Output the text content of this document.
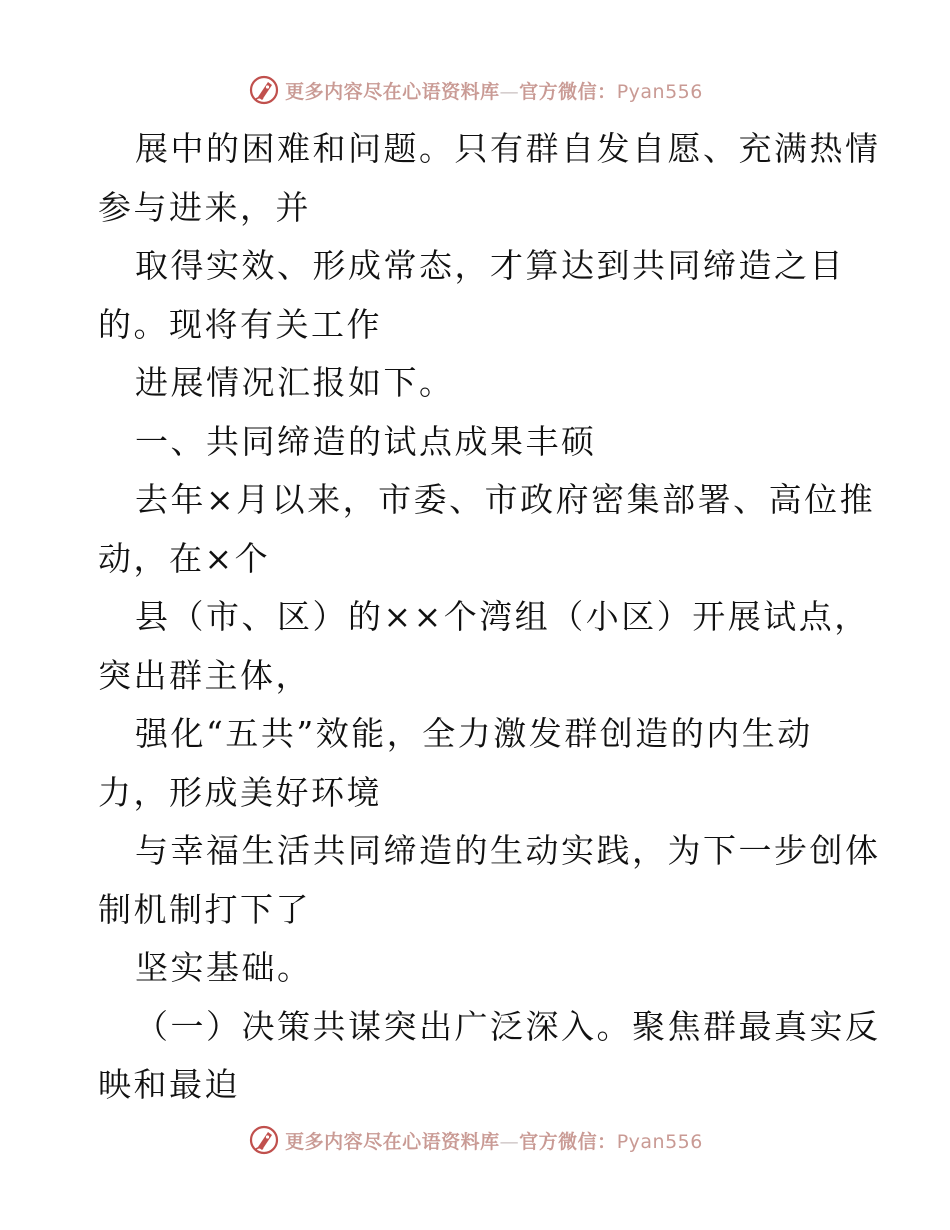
更多内容尽在心语资料库—官方微信：Pyan556
展中的困难和问题。只有群自发自愿、充满热情
参与进来，并
取得实效、形成常态，才算达到共同缔造之目
的。现将有关工作
进展情况汇报如下。
一、共同缔造的试点成果丰硕
去年×月以来，市委、市政府密集部署、高位推
动，在×个
县（市、区）的××个湾组（小区）开展试点，
突出群主体，
强化“五共”效能，全力激发群创造的内生动
力，形成美好环境
与幸福生活共同缔造的生动实践，为下一步创体
制机制打下了
坚实基础。
（一）决策共谋突出广泛深入。聚焦群最真实反
映和最迫
更多内容尽在心语资料库—官方微信：Pyan556
